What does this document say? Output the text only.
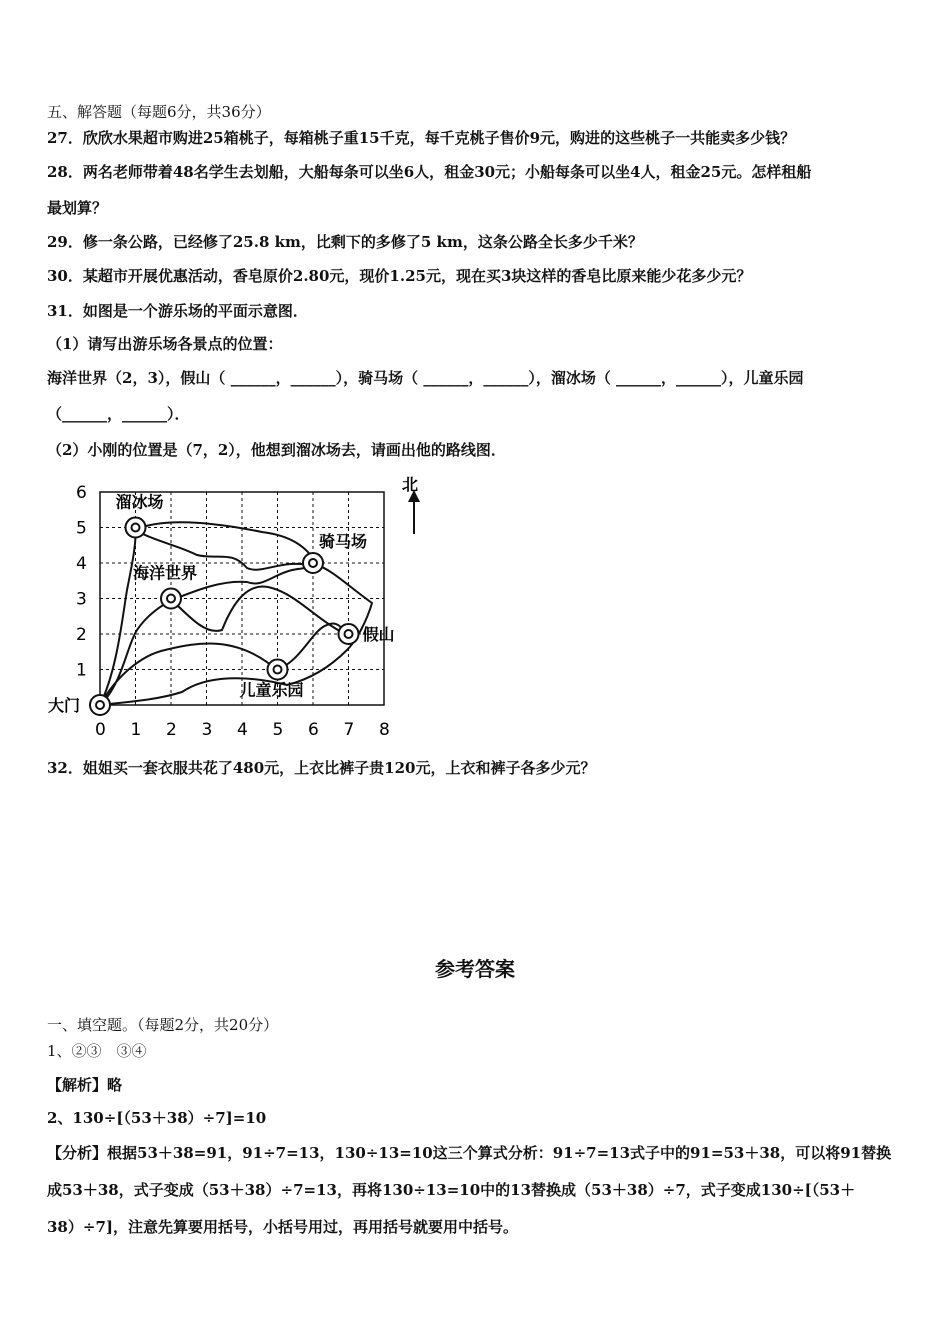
五、解答题（每题6分，共36分）
27．欣欣水果超市购进25箱桃子，每箱桃子重15千克，每千克桃子售价9元，购进的这些桃子一共能卖多少钱？
28．两名老师带着48名学生去划船，大船每条可以坐6人，租金30元；小船每条可以坐4人，租金25元。怎样租船
最划算？
29．修一条公路，已经修了25.8 km，比剩下的多修了5 km，这条公路全长多少千米？
30．某超市开展优惠活动，香皂原价2.80元，现价1.25元，现在买3块这样的香皂比原来能少花多少元？
31．如图是一个游乐场的平面示意图．
（1）请写出游乐场各景点的位置：
海洋世界（2，3），假山（ ______，______），骑马场（ ______，______），溜冰场（ ______，______），儿童乐园
（______，______）．
（2）小刚的位置是（7，2），他想到溜冰场去，请画出他的路线图．
溜冰场
骑马场
海洋世界
假山
儿童乐园
大门
0 1 2 3 4 5 6 7 8
1
2
3
4
5
6	北
32．姐姐买一套衣服共花了480元，上衣比裤子贵120元，上衣和裤子各多少元？
参考答案
一、填空题。（每题2分，共20分）
1、②③　③④
【解析】略
2、130÷[（53＋38）÷7]=10
【分析】根据53＋38=91，91÷7=13，130÷13=10这三个算式分析：91÷7=13式子中的91=53＋38，可以将91替换
成53＋38，式子变成（53＋38）÷7=13，再将130÷13=10中的13替换成（53＋38）÷7，式子变成130÷[（53＋
38）÷7]，注意先算要用括号，小括号用过，再用括号就要用中括号。
